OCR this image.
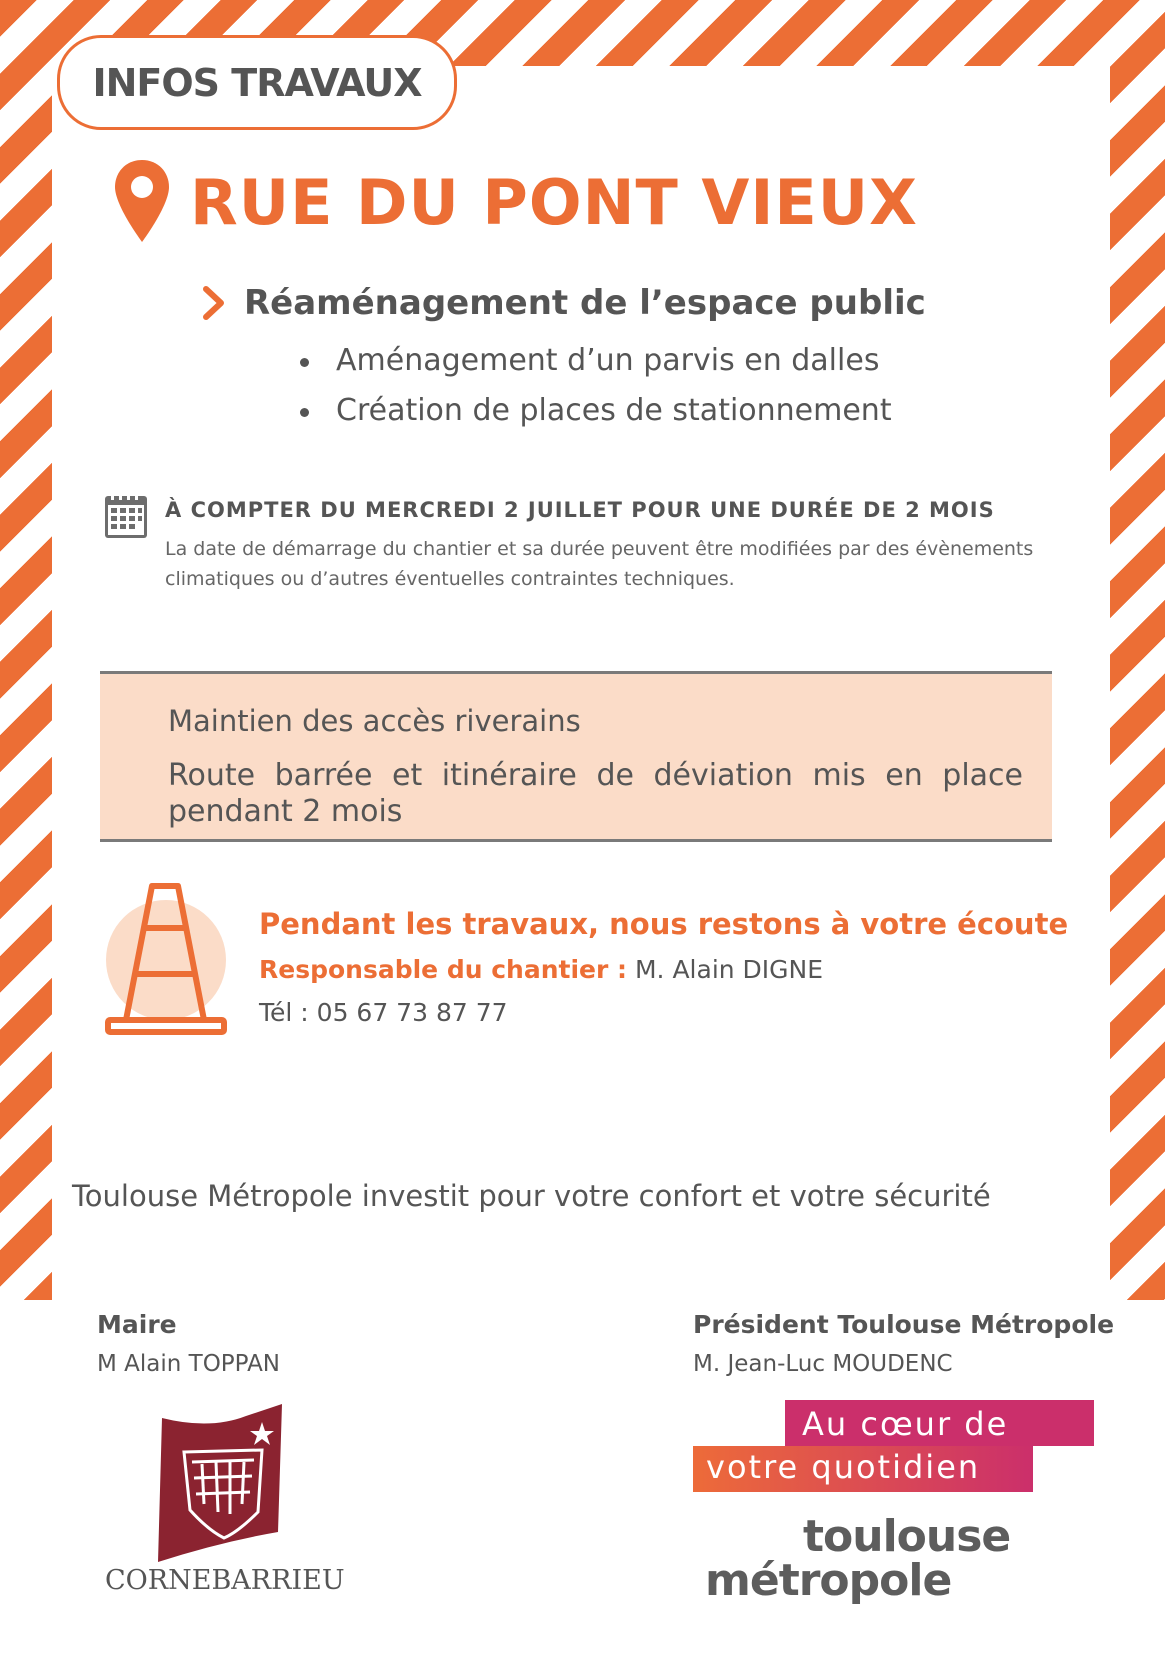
INFOS TRAVAUX
RUE DU PONT VIEUX
Réaménagement de l’espace public
Aménagement d’un parvis en dalles
Création de places de stationnement
À COMPTER DU MERCREDI 2 JUILLET POUR UNE DURÉE DE 2 MOIS
La date de démarrage du chantier et sa durée peuvent être modifiées par des évènements climatiques ou d’autres éventuelles contraintes techniques.
Maintien des accès riverains
Route barrée et itinéraire de déviation mis en place pendant 2 mois
Pendant les travaux, nous restons à votre écoute
Responsable du chantier : M. Alain DIGNE
Tél : 05 67 73 87 77
Toulouse Métropole investit pour votre confort et votre sécurité
Maire
M Alain TOPPAN
Président Toulouse Métropole
M. Jean-Luc MOUDENC
CORNEBARRIEU
Au cœur de
votre quotidien
toulouse
métropole
